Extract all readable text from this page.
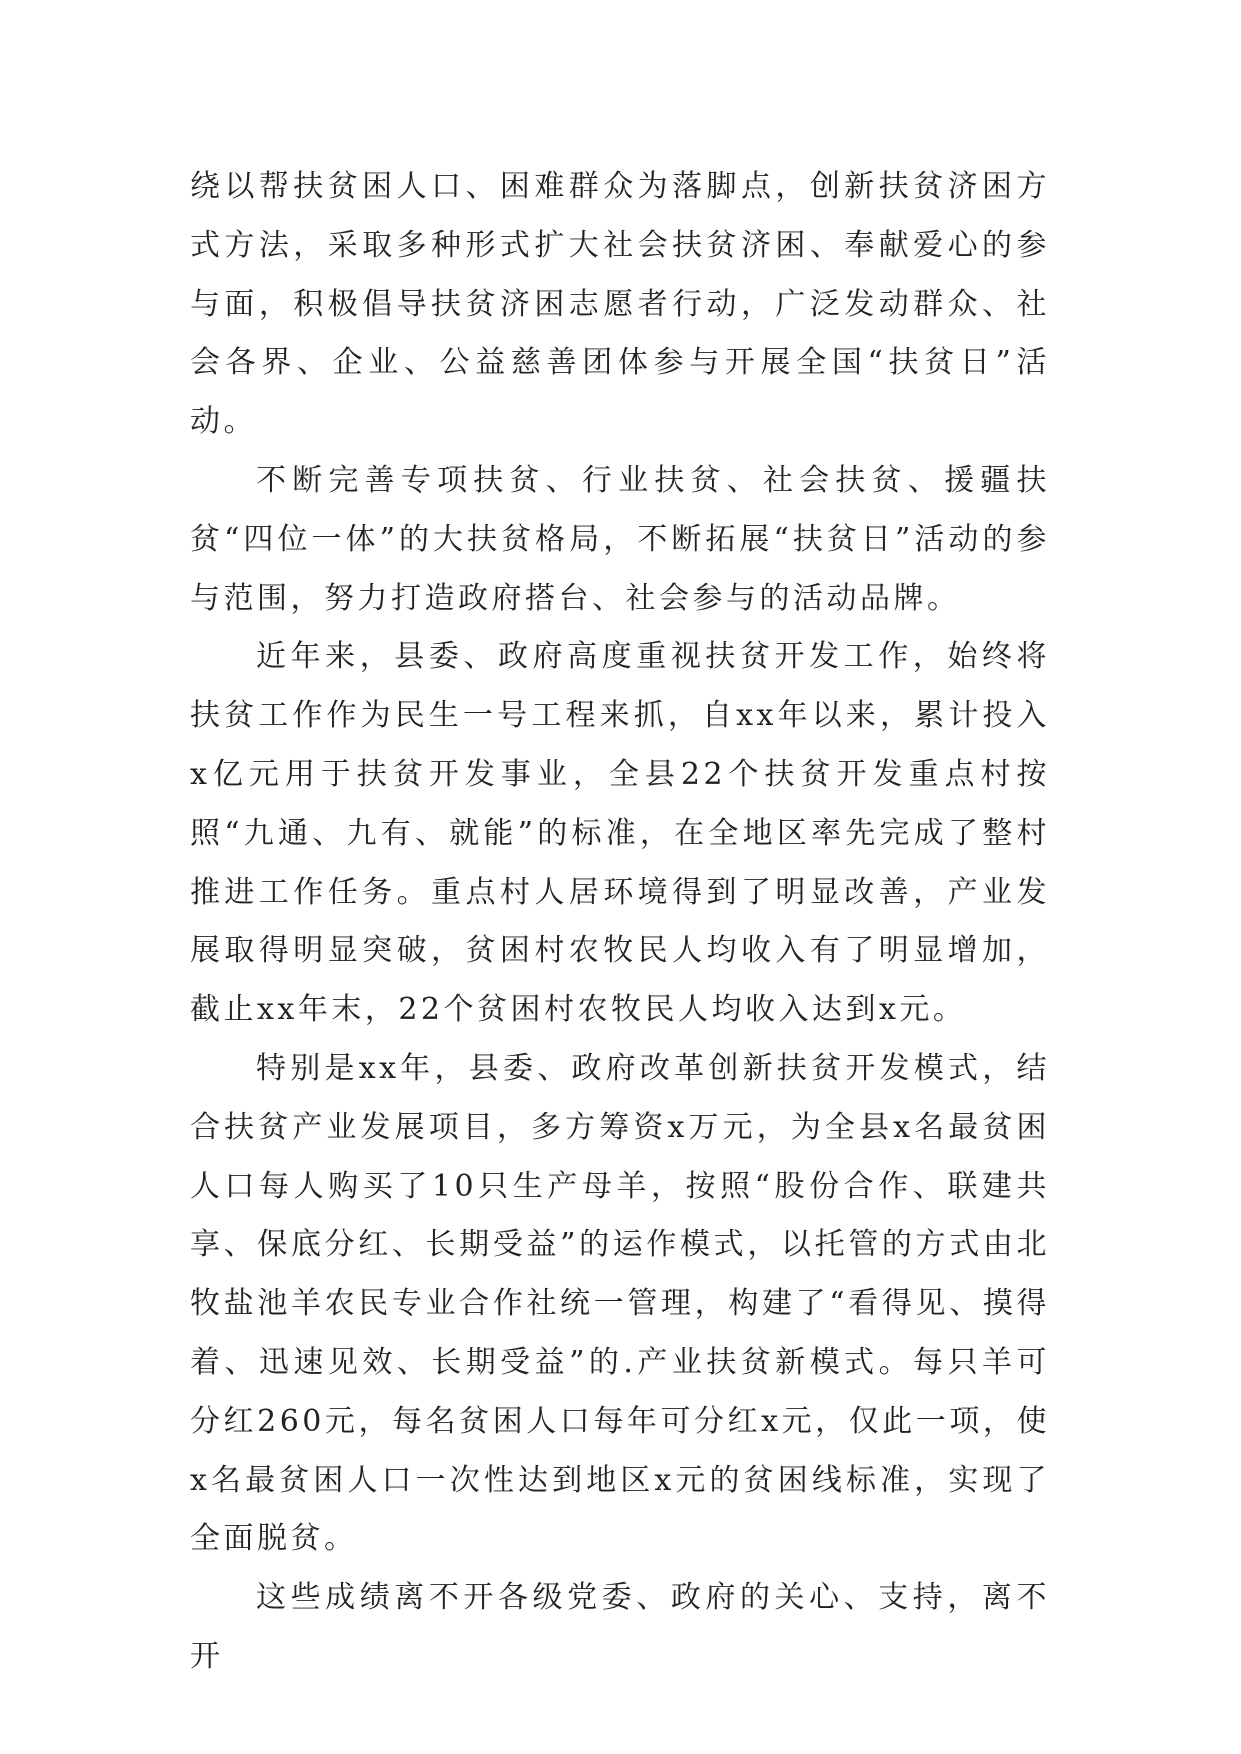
绕以帮扶贫困人口、困难群众为落脚点，创新扶贫济困方式方法，采取多种形式扩大社会扶贫济困、奉献爱心的参与面，积极倡导扶贫济困志愿者行动，广泛发动群众、社会各界、企业、公益慈善团体参与开展全国“扶贫日”活动。

不断完善专项扶贫、行业扶贫、社会扶贫、援疆扶贫“四位一体”的大扶贫格局，不断拓展“扶贫日”活动的参与范围，努力打造政府搭台、社会参与的活动品牌。

近年来，县委、政府高度重视扶贫开发工作，始终将扶贫工作作为民生一号工程来抓，自xx年以来，累计投入x亿元用于扶贫开发事业，全县22个扶贫开发重点村按照“九通、九有、就能”的标准，在全地区率先完成了整村推进工作任务。重点村人居环境得到了明显改善，产业发展取得明显突破，贫困村农牧民人均收入有了明显增加，截止xx年末，22个贫困村农牧民人均收入达到x元。

特别是xx年，县委、政府改革创新扶贫开发模式，结合扶贫产业发展项目，多方筹资x万元，为全县x名最贫困人口每人购买了10只生产母羊，按照“股份合作、联建共享、保底分红、长期受益”的运作模式，以托管的方式由北牧盐池羊农民专业合作社统一管理，构建了“看得见、摸得着、迅速见效、长期受益”的.产业扶贫新模式。每只羊可分红260元，每名贫困人口每年可分红x元，仅此一项，使x名最贫困人口一次性达到地区x元的贫困线标准，实现了全面脱贫。

这些成绩离不开各级党委、政府的关心、支持，离不开
